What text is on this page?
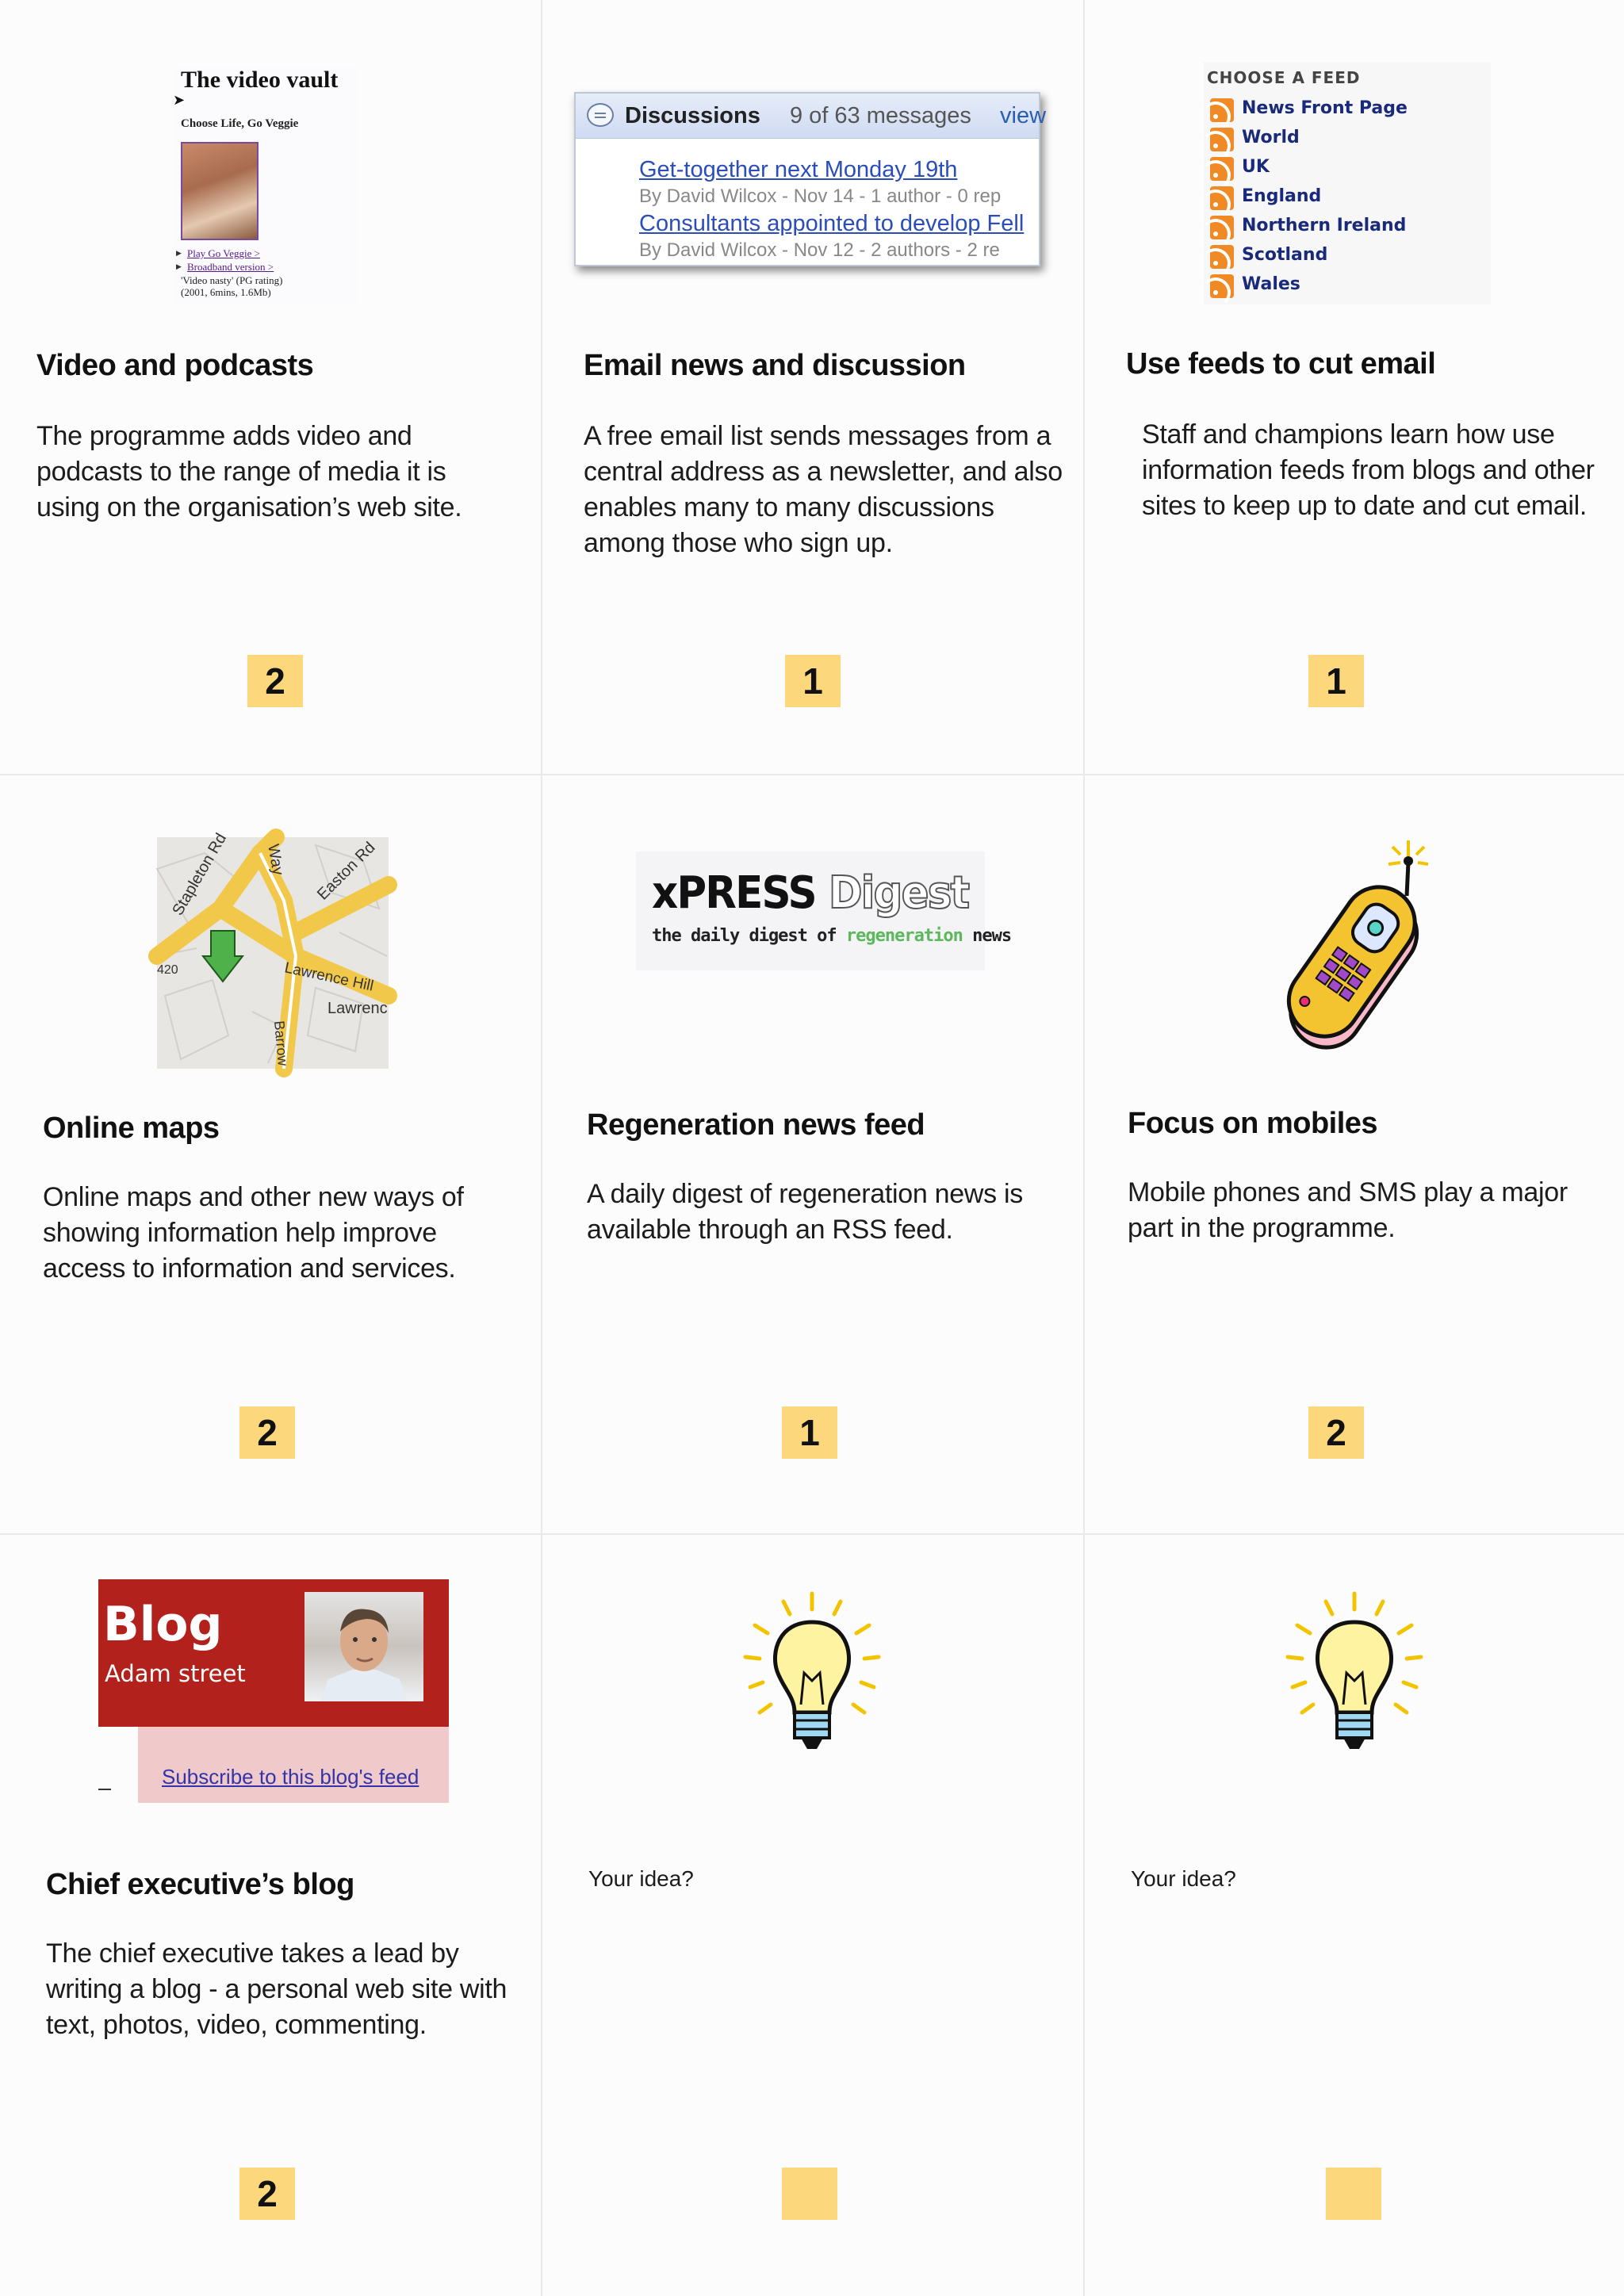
➤
The video vault
Choose Life, Go Veggie
▶ Play Go Veggie >
▶ Broadband version >
'Video nasty' (PG rating)
(2001, 6mins, 1.6Mb)
Video and podcasts
The programme adds video and podcasts to the range of media it is using on the organisation’s web site.
2
Discussions 9 of 63 messages view
Get-together next Monday 19th
By David Wilcox - Nov 14 - 1 author - 0 rep
Consultants appointed to develop Fell
By David Wilcox - Nov 12 - 2 authors - 2 re
Email news and discussion
A free email list sends messages from a central address as a newsletter, and also enables many to many discussions among those who sign up.
1
CHOOSE A FEED
News Front Page
World
UK
England
Northern Ireland
Scotland
Wales
Use feeds to cut email
Staff and champions learn how use information feeds from blogs and other sites to keep up to date and cut email.
1
Stapleton Rd Way Easton Rd
Lawrence Hill
Lawrenc
Barrow
420
Online maps
Online maps and other new ways of showing information help improve access to information and services.
2
xPRESS Digest
the daily digest of regeneration news
Regeneration news feed
A daily digest of regeneration news is available through an RSS feed.
1
Focus on mobiles
Mobile phones and SMS play a major part in the programme.
2
Blog
Adam street
Subscribe to this blog's feed
Chief executive’s blog
The chief executive takes a lead by writing a blog - a personal web site with text, photos, video, commenting.
2
Your idea?	Your idea?
